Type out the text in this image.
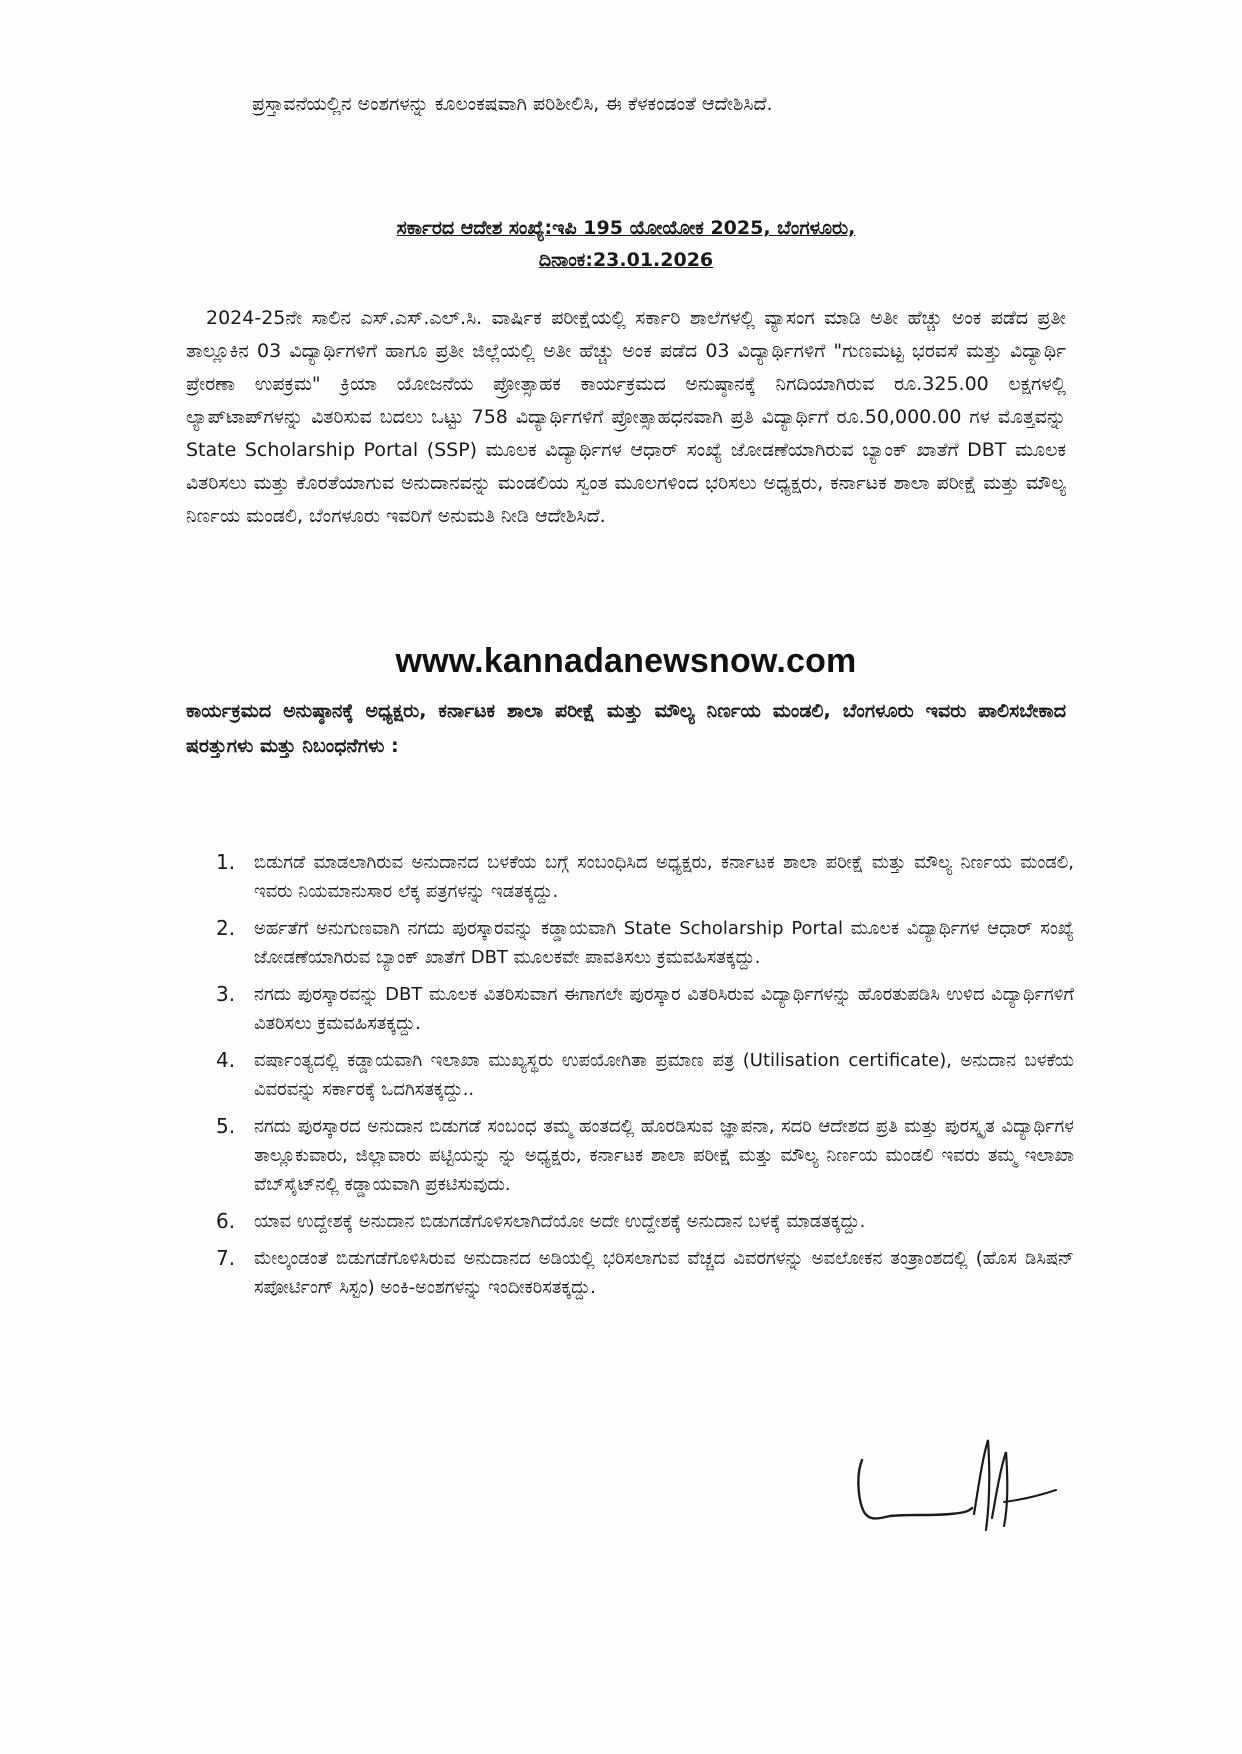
ಪ್ರಸ್ತಾವನೆಯಲ್ಲಿನ ಅಂಶಗಳನ್ನು ಕೂಲಂಕಷವಾಗಿ ಪರಿಶೀಲಿಸಿ, ಈ ಕೆಳಕಂಡಂತೆ ಆದೇಶಿಸಿದೆ.

ಸರ್ಕಾರದ ಆದೇಶ ಸಂಖ್ಯೆ:ಇಪಿ 195 ಯೋಯೋಕ 2025, ಬೆಂಗಳೂರು,
ದಿನಾಂಕ:23.01.2026

2024-25ನೇ ಸಾಲಿನ ಎಸ್.ಎಸ್.ಎಲ್.ಸಿ. ವಾರ್ಷಿಕ ಪರೀಕ್ಷೆಯಲ್ಲಿ ಸರ್ಕಾರಿ ಶಾಲೆಗಳಲ್ಲಿ ವ್ಯಾಸಂಗ ಮಾಡಿ ಅತೀ ಹೆಚ್ಚು ಅಂಕ ಪಡೆದ ಪ್ರತೀ ತಾಲ್ಲೂಕಿನ 03 ವಿದ್ಯಾರ್ಥಿಗಳಿಗೆ ಹಾಗೂ ಪ್ರತೀ ಜಿಲ್ಲೆಯಲ್ಲಿ ಅತೀ ಹೆಚ್ಚು ಅಂಕ ಪಡೆದ 03 ವಿದ್ಯಾರ್ಥಿಗಳಿಗೆ "ಗುಣಮಟ್ಟ ಭರವಸೆ ಮತ್ತು ವಿದ್ಯಾರ್ಥಿ ಪ್ರೇರಣಾ ಉಪಕ್ರಮ" ಕ್ರಿಯಾ ಯೋಜನೆಯ ಪ್ರೋತ್ಸಾಹಕ ಕಾರ್ಯಕ್ರಮದ ಅನುಷ್ಠಾನಕ್ಕೆ ನಿಗದಿಯಾಗಿರುವ ರೂ.325.00 ಲಕ್ಷಗಳಲ್ಲಿ ಲ್ಯಾಪ್‌ಟಾಪ್‌ಗಳನ್ನು ವಿತರಿಸುವ ಬದಲು ಒಟ್ಟು 758 ವಿದ್ಯಾರ್ಥಿಗಳಿಗೆ ಪ್ರೋತ್ಸಾಹಧನವಾಗಿ ಪ್ರತಿ ವಿದ್ಯಾರ್ಥಿಗೆ ರೂ.50,000.00 ಗಳ ಮೊತ್ತವನ್ನು State Scholarship Portal (SSP) ಮೂಲಕ ವಿದ್ಯಾರ್ಥಿಗಳ ಆಧಾರ್ ಸಂಖ್ಯೆ ಜೋಡಣೆಯಾಗಿರುವ ಬ್ಯಾಂಕ್ ಖಾತೆಗೆ DBT ಮೂಲಕ ವಿತರಿಸಲು ಮತ್ತು ಕೊರತೆಯಾಗುವ ಅನುದಾನವನ್ನು ಮಂಡಲಿಯ ಸ್ವಂತ ಮೂಲಗಳಿಂದ ಭರಿಸಲು ಅಧ್ಯಕ್ಷರು, ಕರ್ನಾಟಕ ಶಾಲಾ ಪರೀಕ್ಷೆ ಮತ್ತು ಮೌಲ್ಯ ನಿರ್ಣಯ ಮಂಡಲಿ, ಬೆಂಗಳೂರು ಇವರಿಗೆ ಅನುಮತಿ ನೀಡಿ ಆದೇಶಿಸಿದೆ.

www.kannadanewsnow.com

ಕಾರ್ಯಕ್ರಮದ ಅನುಷ್ಠಾನಕ್ಕೆ ಅಧ್ಯಕ್ಷರು, ಕರ್ನಾಟಕ ಶಾಲಾ ಪರೀಕ್ಷೆ ಮತ್ತು ಮೌಲ್ಯ ನಿರ್ಣಯ ಮಂಡಲಿ, ಬೆಂಗಳೂರು ಇವರು ಪಾಲಿಸಬೇಕಾದ ಷರತ್ತುಗಳು ಮತ್ತು ನಿಬಂಧನೆಗಳು :

1.	ಬಿಡುಗಡೆ ಮಾಡಲಾಗಿರುವ ಅನುದಾನದ ಬಳಕೆಯ ಬಗ್ಗೆ ಸಂಬಂಧಿಸಿದ ಅಧ್ಯಕ್ಷರು, ಕರ್ನಾಟಕ ಶಾಲಾ ಪರೀಕ್ಷೆ ಮತ್ತು ಮೌಲ್ಯ ನಿರ್ಣಯ ಮಂಡಲಿ, ಇವರು ನಿಯಮಾನುಸಾರ ಲೆಕ್ಕ ಪತ್ರಗಳನ್ನು ಇಡತಕ್ಕದ್ದು.
2.	ಅರ್ಹತೆಗೆ ಅನುಗುಣವಾಗಿ ನಗದು ಪುರಸ್ಕಾರವನ್ನು ಕಡ್ಡಾಯವಾಗಿ State Scholarship Portal ಮೂಲಕ ವಿದ್ಯಾರ್ಥಿಗಳ ಆಧಾರ್ ಸಂಖ್ಯೆ ಜೋಡಣೆಯಾಗಿರುವ ಬ್ಯಾಂಕ್ ಖಾತೆಗೆ DBT ಮೂಲಕವೇ ಪಾವತಿಸಲು ಕ್ರಮವಹಿಸತಕ್ಕದ್ದು.
3.	ನಗದು ಪುರಸ್ಕಾರವನ್ನು DBT ಮೂಲಕ ವಿತರಿಸುವಾಗ ಈಗಾಗಲೇ ಪುರಸ್ಕಾರ ವಿತರಿಸಿರುವ ವಿದ್ಯಾರ್ಥಿಗಳನ್ನು ಹೊರತುಪಡಿಸಿ ಉಳಿದ ವಿದ್ಯಾರ್ಥಿಗಳಿಗೆ ವಿತರಿಸಲು ಕ್ರಮವಹಿಸತಕ್ಕದ್ದು.
4.	ವರ್ಷಾಂತ್ಯದಲ್ಲಿ ಕಡ್ಡಾಯವಾಗಿ ಇಲಾಖಾ ಮುಖ್ಯಸ್ಥರು ಉಪಯೋಗಿತಾ ಪ್ರಮಾಣ ಪತ್ರ (Utilisation certificate), ಅನುದಾನ ಬಳಕೆಯ ವಿವರವನ್ನು ಸರ್ಕಾರಕ್ಕೆ ಒದಗಿಸತಕ್ಕದ್ದು..
5.	ನಗದು ಪುರಸ್ಕಾರದ ಅನುದಾನ ಬಿಡುಗಡೆ ಸಂಬಂಧ ತಮ್ಮ ಹಂತದಲ್ಲಿ ಹೊರಡಿಸುವ ಜ್ಞಾಪನಾ, ಸದರಿ ಆದೇಶದ ಪ್ರತಿ ಮತ್ತು ಪುರಸ್ಕೃತ ವಿದ್ಯಾರ್ಥಿಗಳ ತಾಲ್ಲೂಕುವಾರು, ಜಿಲ್ಲಾವಾರು ಪಟ್ಟಿಯನ್ನು ನ್ನು ಅಧ್ಯಕ್ಷರು, ಕರ್ನಾಟಕ ಶಾಲಾ ಪರೀಕ್ಷೆ ಮತ್ತು ಮೌಲ್ಯ ನಿರ್ಣಯ ಮಂಡಲಿ ಇವರು ತಮ್ಮ ಇಲಾಖಾ ವೆಬ್‌ಸೈಟ್‌ನಲ್ಲಿ ಕಡ್ಡಾಯವಾಗಿ ಪ್ರಕಟಿಸುವುದು.
6.	ಯಾವ ಉದ್ದೇಶಕ್ಕೆ ಅನುದಾನ ಬಿಡುಗಡೆಗೊಳಿಸಲಾಗಿದೆಯೋ ಅದೇ ಉದ್ದೇಶಕ್ಕೆ ಅನುದಾನ ಬಳಕ್ಕೆ ಮಾಡತಕ್ಕದ್ದು.
7.	ಮೇಲ್ಕಂಡಂತೆ ಬಿಡುಗಡೆಗೊಳಿಸಿರುವ ಅನುದಾನದ ಅಡಿಯಲ್ಲಿ ಭರಿಸಲಾಗುವ ವೆಚ್ಚದ ವಿವರಗಳನ್ನು ಅವಲೋಕನ ತಂತ್ರಾಂಶದಲ್ಲಿ (ಹೊಸ ಡಿಸಿಷನ್ ಸಪೋರ್ಟಿಂಗ್ ಸಿಸ್ಟಂ) ಅಂಕಿ-ಅಂಶಗಳನ್ನು ಇಂದೀಕರಿಸತಕ್ಕದ್ದು.
